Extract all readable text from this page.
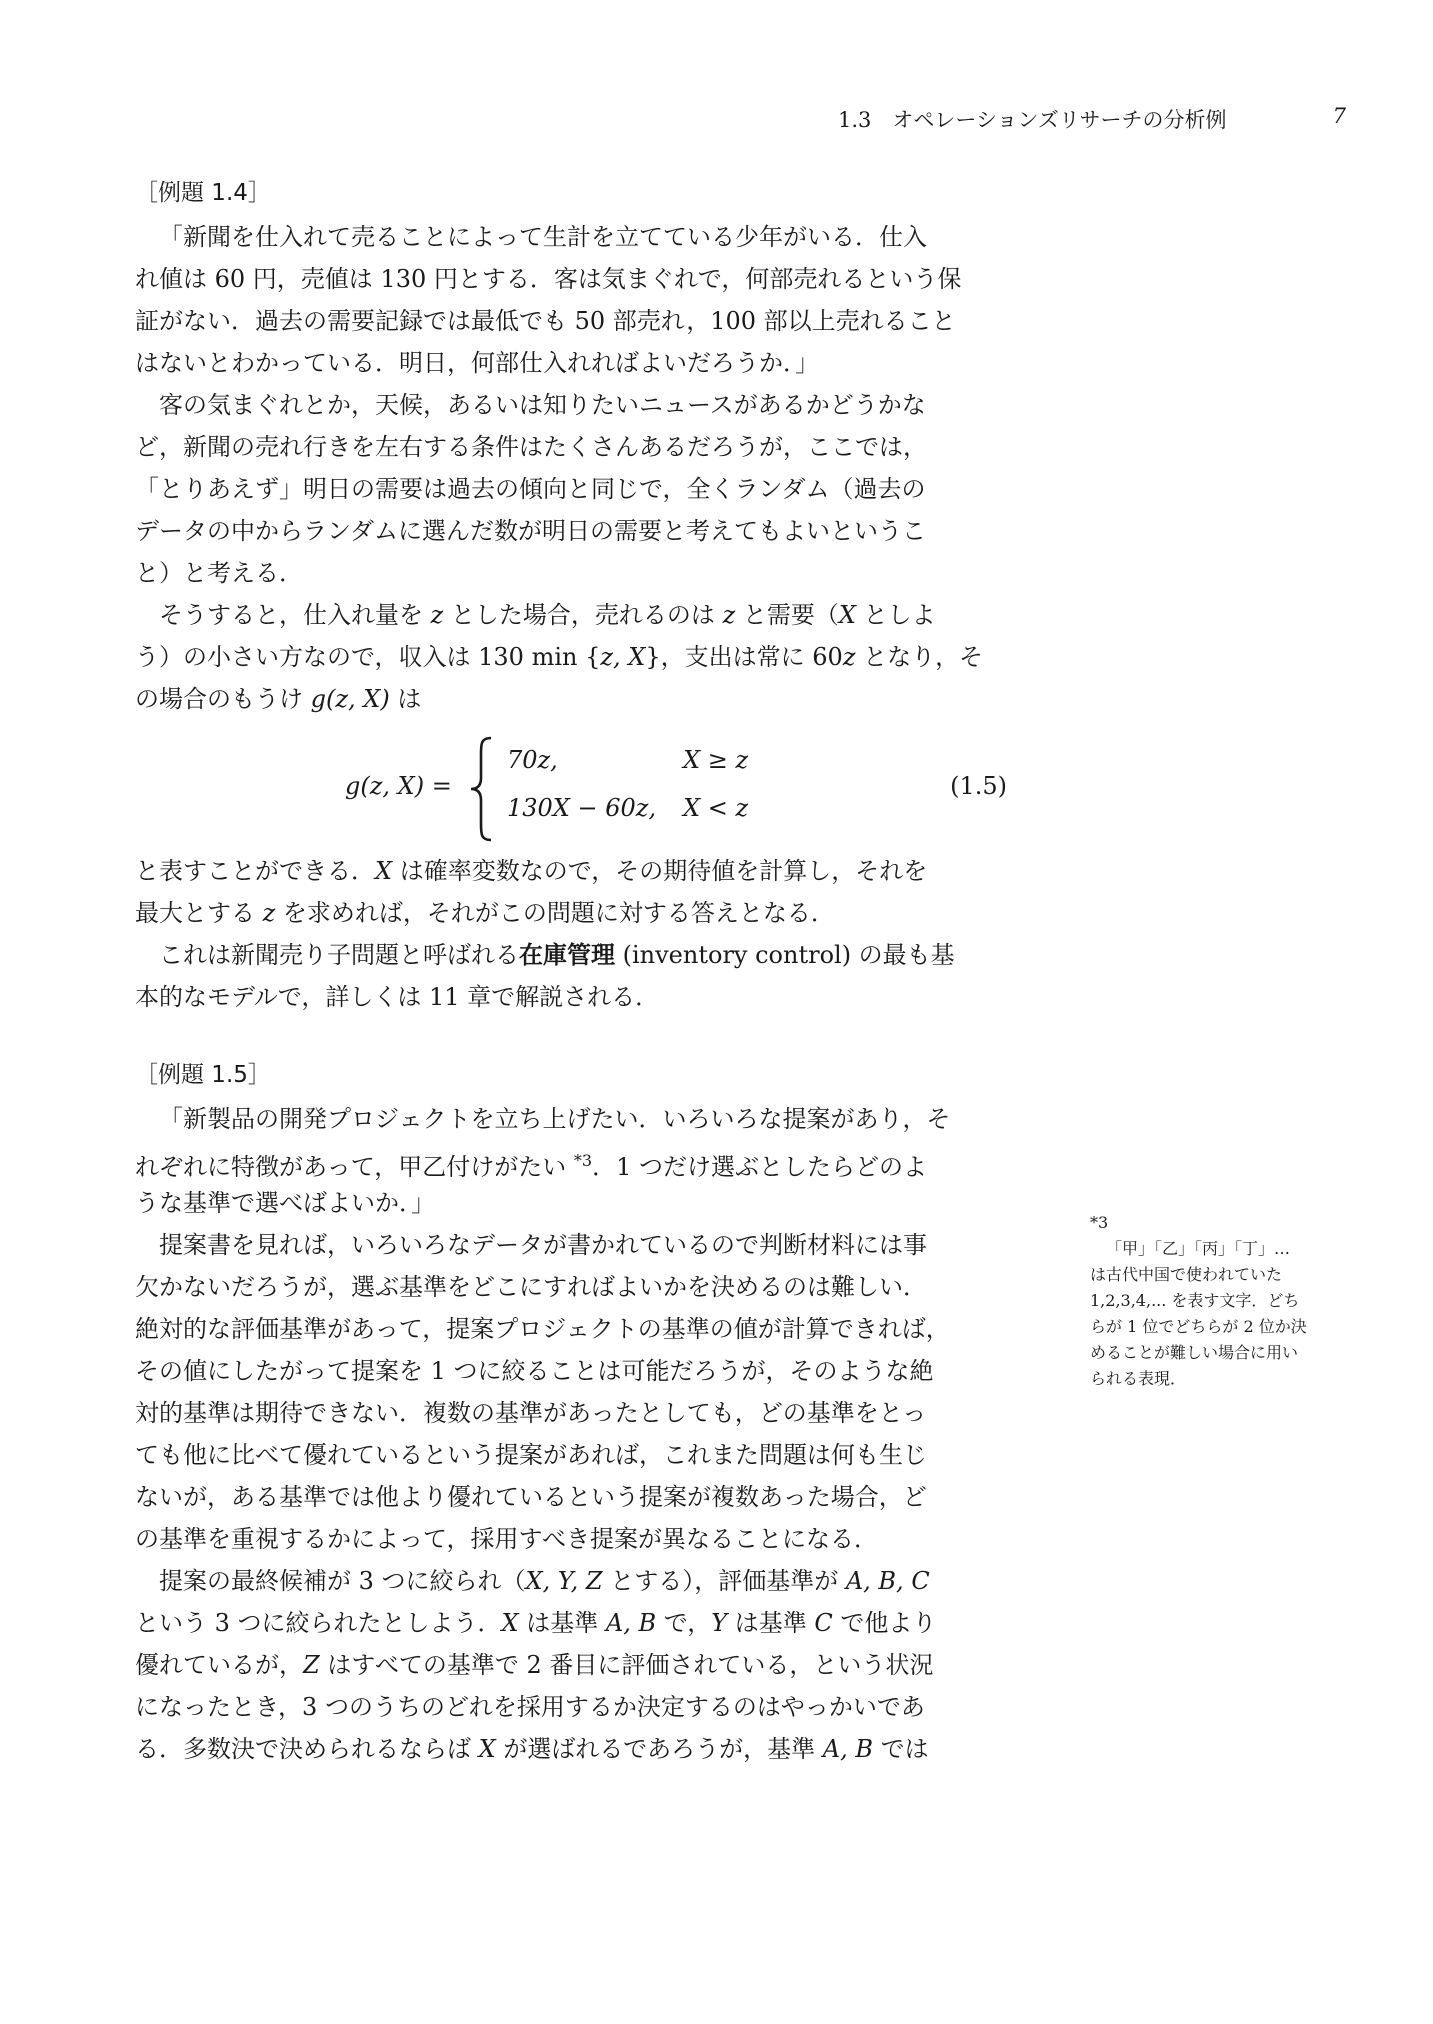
1.3　オペレーションズリサーチの分析例	7
［例題 1.4］
「新聞を仕入れて売ることによって生計を立てている少年がいる．仕入
れ値は 60 円，売値は 130 円とする．客は気まぐれで，何部売れるという保
証がない．過去の需要記録では最低でも 50 部売れ，100 部以上売れること
はないとわかっている．明日，何部仕入れればよいだろうか．」
客の気まぐれとか，天候，あるいは知りたいニュースがあるかどうかな
ど，新聞の売れ行きを左右する条件はたくさんあるだろうが，ここでは，
「とりあえず」明日の需要は過去の傾向と同じで，全くランダム（過去の
データの中からランダムに選んだ数が明日の需要と考えてもよいというこ
と）と考える．
そうすると，仕入れ量を z とした場合，売れるのは z と需要（X としよ
う）の小さい方なので，収入は 130 min {z, X}，支出は常に 60z となり，そ
の場合のもうけ g(z, X) は
g(z, X) =
70z,	X ≥ z
130X − 60z, X < z
(1.5)
と表すことができる．X は確率変数なので，その期待値を計算し，それを
最大とする z を求めれば，それがこの問題に対する答えとなる．
これは新聞売り子問題と呼ばれる在庫管理 (inventory control) の最も基
本的なモデルで，詳しくは 11 章で解説される．
［例題 1.5］
「新製品の開発プロジェクトを立ち上げたい．いろいろな提案があり，そ
れぞれに特徴があって，甲乙付けがたい $^{*3}$．1 つだけ選ぶとしたらどのよ
うな基準で選べばよいか．」
提案書を見れば，いろいろなデータが書かれているので判断材料には事
欠かないだろうが，選ぶ基準をどこにすればよいかを決めるのは難しい．
絶対的な評価基準があって，提案プロジェクトの基準の値が計算できれば，
その値にしたがって提案を 1 つに絞ることは可能だろうが，そのような絶
対的基準は期待できない．複数の基準があったとしても，どの基準をとっ
ても他に比べて優れているという提案があれば，これまた問題は何も生じ
ないが，ある基準では他より優れているという提案が複数あった場合，ど
の基準を重視するかによって，採用すべき提案が異なることになる．
提案の最終候補が 3 つに絞られ（X, Y, Z とする），評価基準が A, B, C
という 3 つに絞られたとしよう．X は基準 A, B で，Y は基準 C で他より
優れているが，Z はすべての基準で 2 番目に評価されている，という状況
になったとき，3 つのうちのどれを採用するか決定するのはやっかいであ
る．多数決で決められるならば X が選ばれるであろうが，基準 A, B では
*3
「甲」「乙」「丙」「丁」…
は古代中国で使われていた
1,2,3,4,... を表す文字．どち
らが 1 位でどちらが 2 位か決
めることが難しい場合に用い
られる表現．
